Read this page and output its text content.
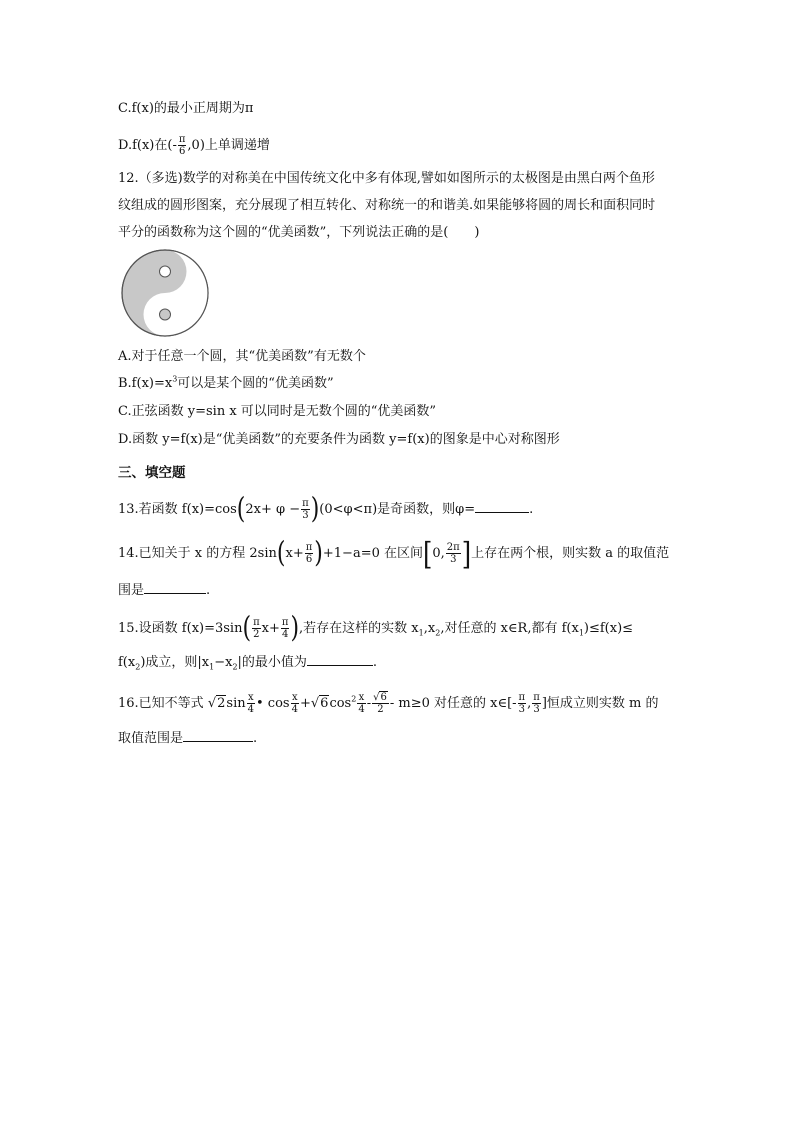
C.f(x)的最小正周期为π
D.f(x)在(- $\frac{\pi}{6} ,0$)上单调递增
12.（多选)数学的对称美在中国传统文化中多有体现,譬如如图所示的太极图是由黑白两个鱼形
纹组成的圆形图案，充分展现了相互转化、对称统一的和谐美.如果能够将圆的周长和面积同时
平分的函数称为这个圆的“优美函数”，下列说法正确的是(　　)
A.对于任意一个圆，其“优美函数”有无数个
$B.f(x)=x^3$可以是某个圆的“优美函数”
C.正弦函数 y=sin x 可以同时是无数个圆的“优美函数”
D.函数 y=f(x)是“优美函数”的充要条件为函数 y=f(x)的图象是中心对称图形
三、填空题
13.若函数 $f(x)=\cos(2x+ \varphi - \frac{\pi}{3} )(0<\varphi<\pi)$是奇函数，则φ=	.
14.已知关于 x 的方程 $2\sin(x+ \frac{\pi}{6} )+1-a=0$ 在区间[0, $\frac{2\pi}{3}$ ]上存在两个根，则实数 a 的取值范
围是	.
15.设函数 $f(x)=3\sin( \frac{\pi}{2} x+ \frac{\pi}{4}$ ),若存在这样的实数 $x_1,x_2$,对任意的 x∈R,都有 $f(x_1)\le f(x)\le$
$f(x_2)$成立，则$|x_1-x_2|$的最小值为	.
16.已知不等式 $√2\sin \frac{x}{4}$ • $\cos \frac{x}{4} +√6\cos^2 \frac{x}{4} - \frac{√6}{2} - m\ge 0$ 对任意的 x∈[- $\frac{\pi}{3}$ , $\frac{\pi}{3}$ ]恒成立则实数 m 的
取值范围是	.
